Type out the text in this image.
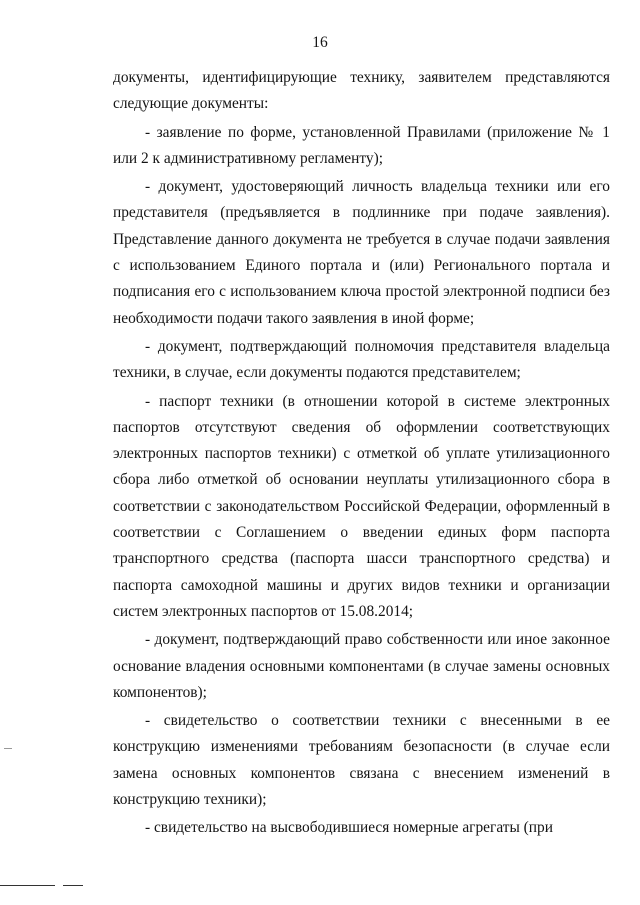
16

документы, идентифицирующие технику, заявителем представляются следующие документы:

- заявление по форме, установленной Правилами (приложение № 1 или 2 к административному регламенту);

- документ, удостоверяющий личность владельца техники или его представителя (предъявляется в подлиннике при подаче заявления). Представление данного документа не требуется в случае подачи заявления с использованием Единого портала и (или) Регионального портала и подписания его с использованием ключа простой электронной подписи без необходимости подачи такого заявления в иной форме;

- документ, подтверждающий полномочия представителя владельца техники, в случае, если документы подаются представителем;

- паспорт техники (в отношении которой в системе электронных паспортов отсутствуют сведения об оформлении соответствующих электронных паспортов техники) с отметкой об уплате утилизационного сбора либо отметкой об основании неуплаты утилизационного сбора в соответствии с законодательством Российской Федерации, оформленный в соответствии с Соглашением о введении единых форм паспорта транспортного средства (паспорта шасси транспортного средства) и паспорта самоходной машины и других видов техники и организации систем электронных паспортов от 15.08.2014;

- документ, подтверждающий право собственности или иное законное основание владения основными компонентами (в случае замены основных компонентов);

- свидетельство о соответствии техники с внесенными в ее конструкцию изменениями требованиям безопасности (в случае если замена основных компонентов связана с внесением изменений в конструкцию техники);

- свидетельство на высвободившиеся номерные агрегаты (при
